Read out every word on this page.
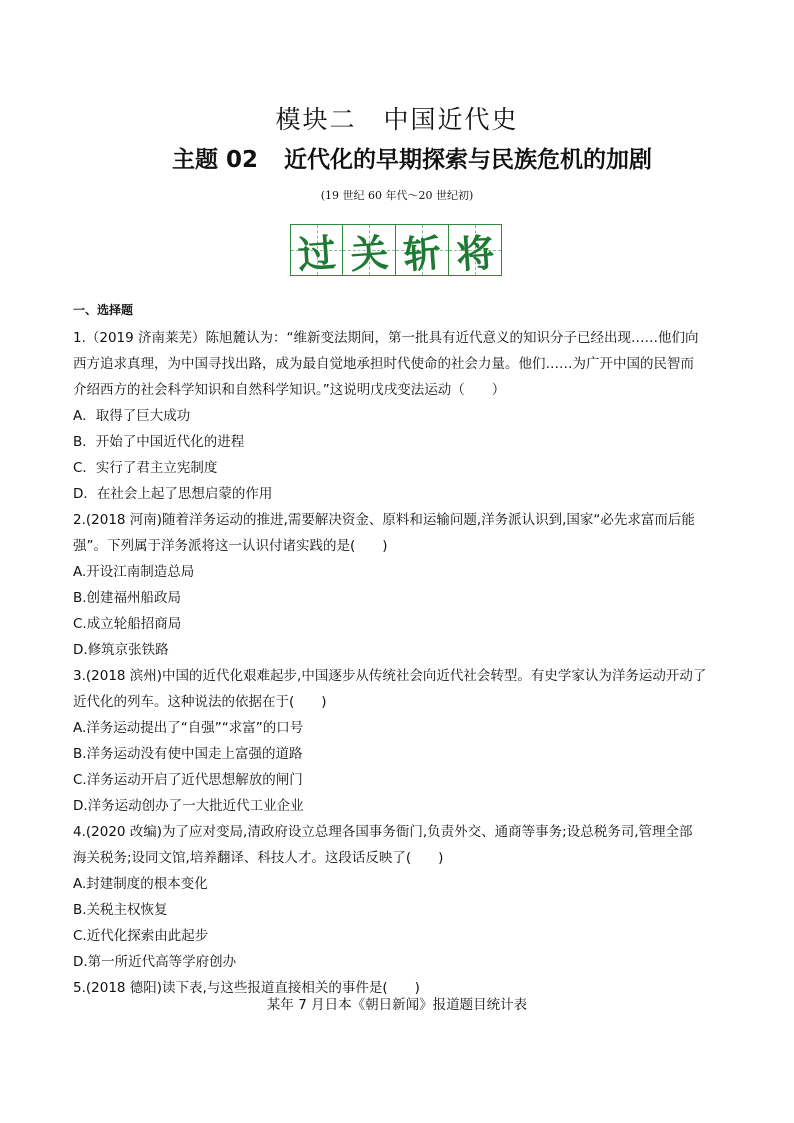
模块二　中国近代史
主题 02 近代化的早期探索与民族危机的加剧
(19 世纪 60 年代～20 世纪初)
过 关 斩 将
一、选择题
1.（2019 济南莱芜）陈旭麓认为：“维新变法期间，第一批具有近代意义的知识分子已经出现……他们向
西方追求真理，为中国寻找出路，成为最自觉地承担时代使命的社会力量。他们……为广开中国的民智而
介绍西方的社会科学知识和自然科学知识。”这说明戊戌变法运动（　　）
A．取得了巨大成功
B．开始了中国近代化的进程
C．实行了君主立宪制度
D．在社会上起了思想启蒙的作用
2.(2018 河南)随着洋务运动的推进,需要解决资金、原料和运输问题,洋务派认识到,国家“必先求富而后能
强”。下列属于洋务派将这一认识付诸实践的是(　　)
A.开设江南制造总局
B.创建福州船政局
C.成立轮船招商局
D.修筑京张铁路
3.(2018 滨州)中国的近代化艰难起步,中国逐步从传统社会向近代社会转型。有史学家认为洋务运动开动了
近代化的列车。这种说法的依据在于(　　)
A.洋务运动提出了“自强”“求富”的口号
B.洋务运动没有使中国走上富强的道路
C.洋务运动开启了近代思想解放的闸门
D.洋务运动创办了一大批近代工业企业
4.(2020 改编)为了应对变局,清政府设立总理各国事务衙门,负责外交、通商等事务;设总税务司,管理全部
海关税务;设同文馆,培养翻译、科技人才。这段话反映了(　　)
A.封建制度的根本变化
B.关税主权恢复
C.近代化探索由此起步
D.第一所近代高等学府创办
5.(2018 德阳)读下表,与这些报道直接相关的事件是(　　)
某年 7 月日本《朝日新闻》报道题目统计表
